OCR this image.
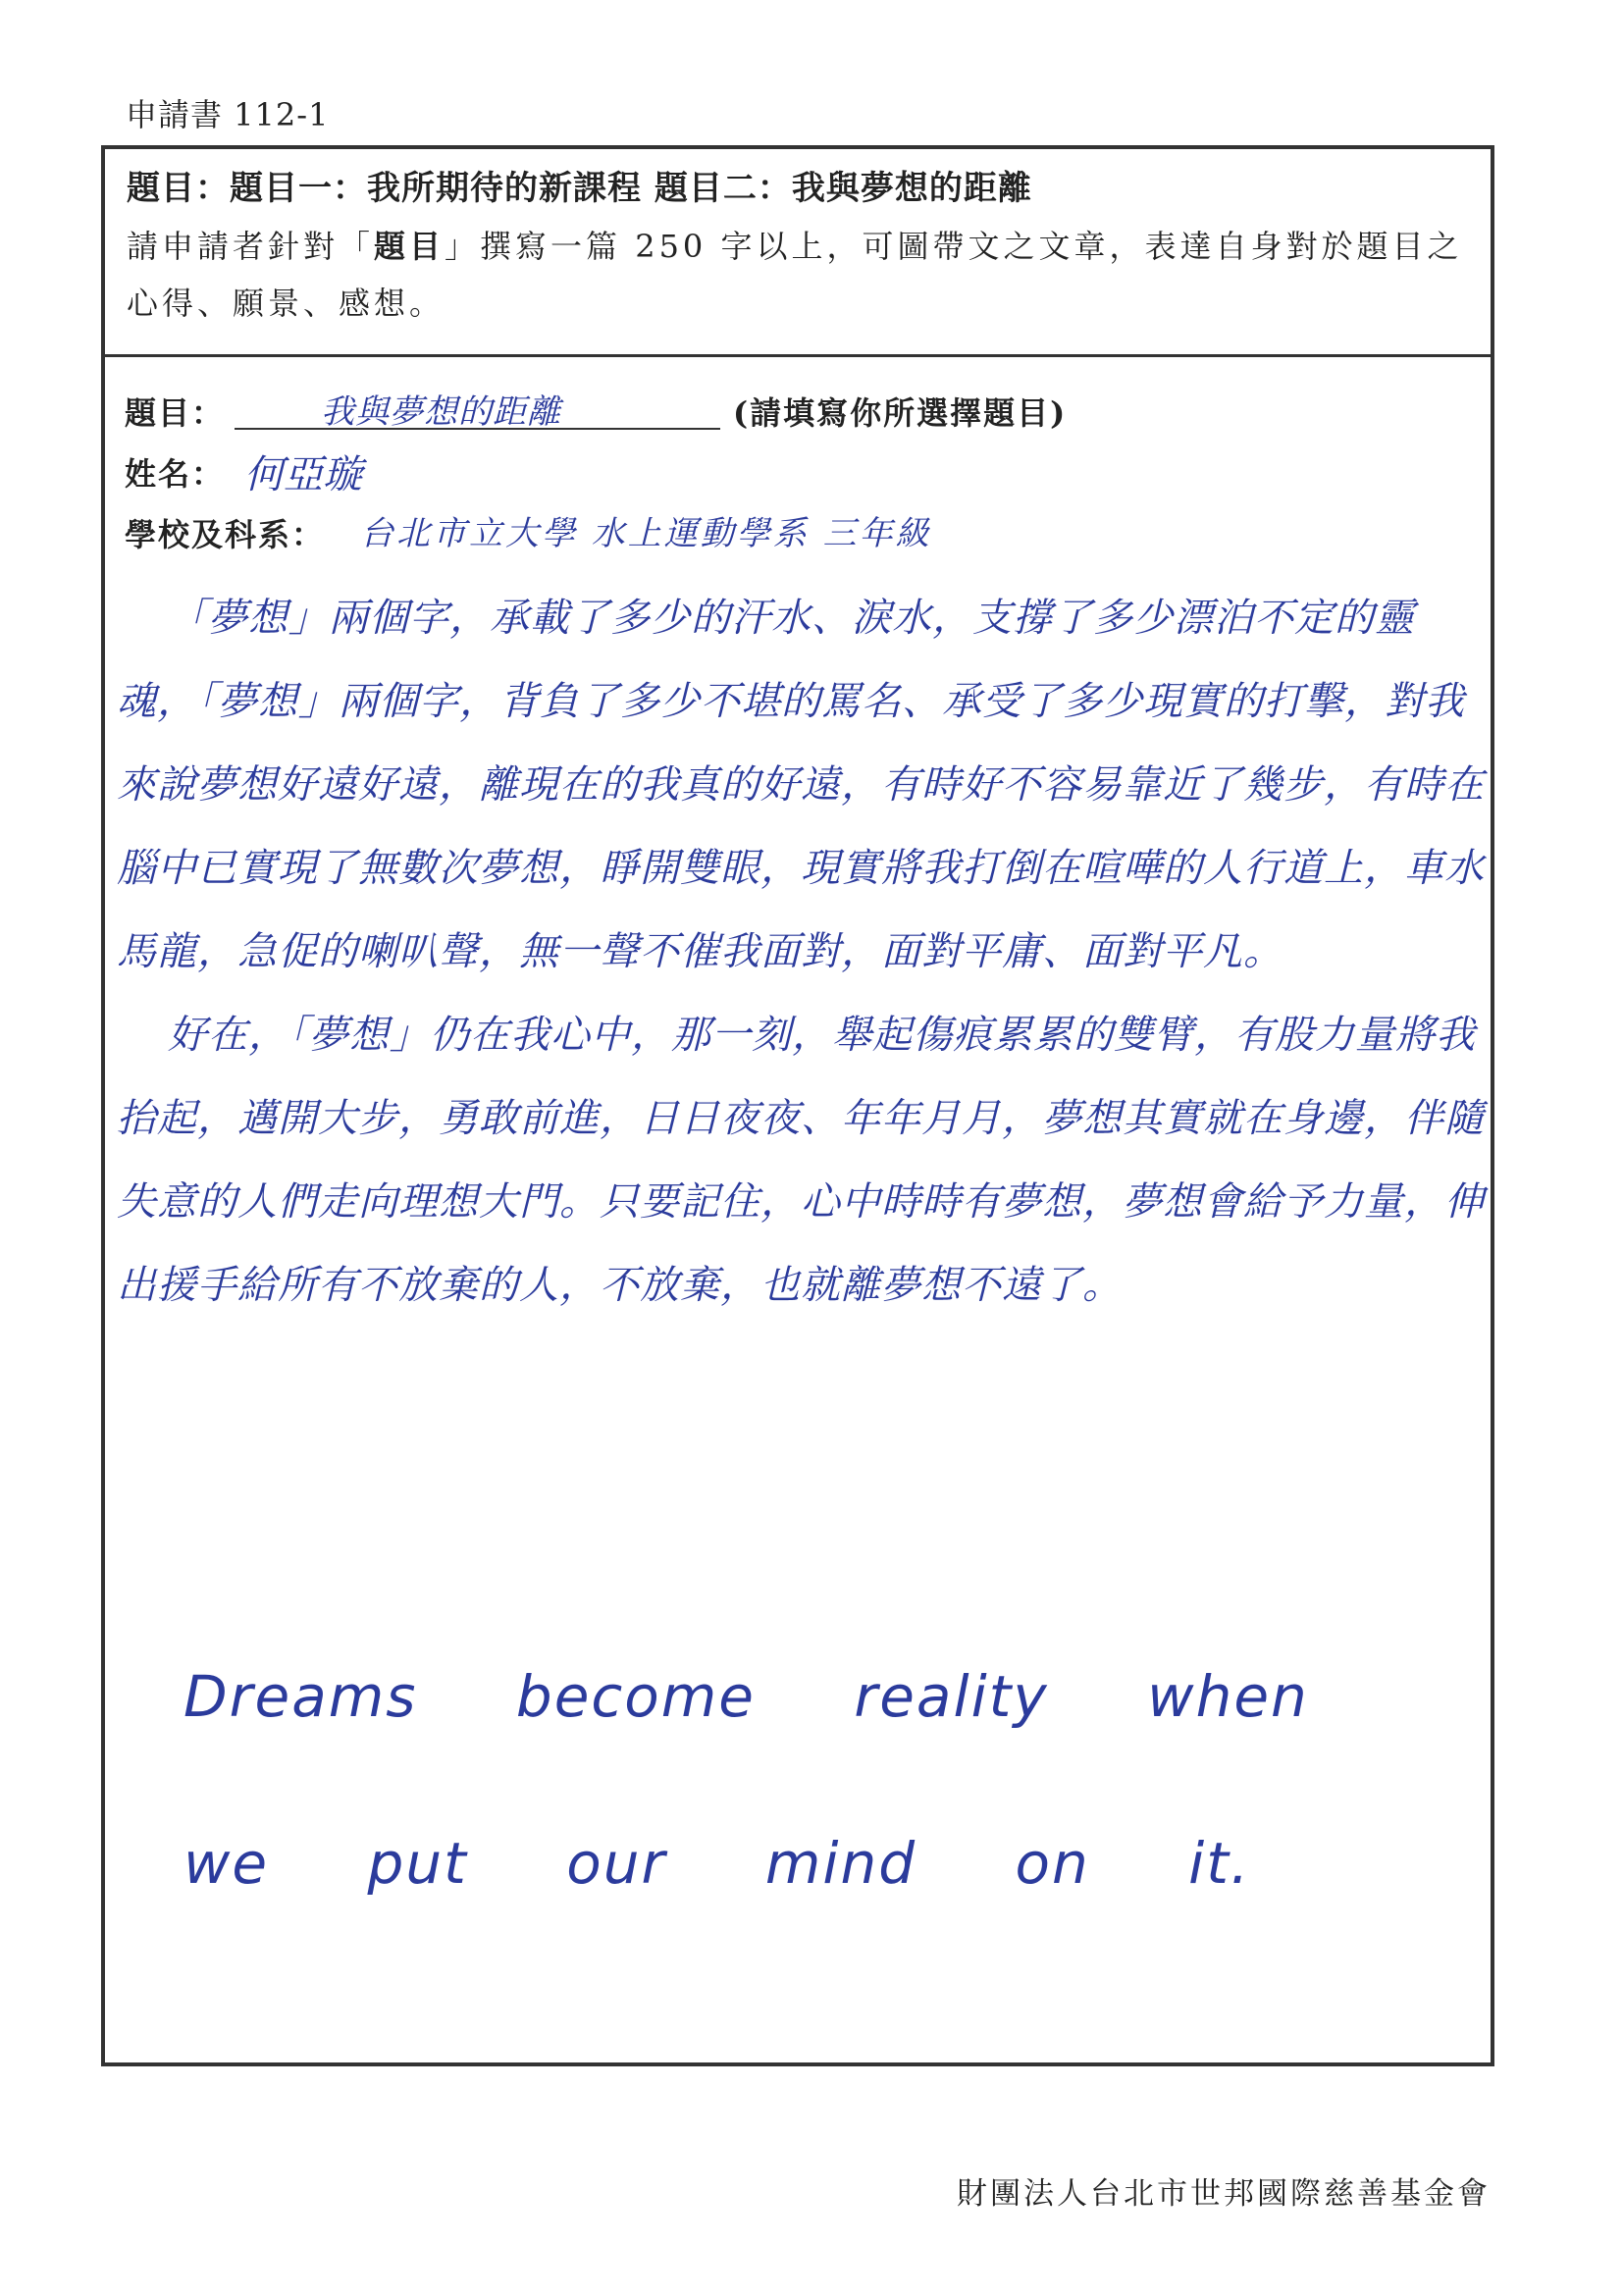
申請書 112-1
題目：題目一：我所期待的新課程 題目二：我與夢想的距離
請申請者針對「題目」撰寫一篇 250 字以上，可圖帶文之文章，表達自身對於題目之心得、願景、感想。
題目：	我與夢想的距離	(請填寫你所選擇題目)
姓名： 何亞璇
學校及科系： 台北市立大學 水上運動學系 三年級

「夢想」兩個字，承載了多少的汗水、淚水，支撐了多少漂泊不定的靈魂，「夢想」兩個字，背負了多少不堪的罵名、承受了多少現實的打擊，對我來說夢想好遠好遠，離現在的我真的好遠，有時好不容易靠近了幾步，有時在腦中已實現了無數次夢想，睜開雙眼，現實將我打倒在喧嘩的人行道上，車水馬龍，急促的喇叭聲，無一聲不催我面對，面對平庸、面對平凡。

好在，「夢想」仍在我心中，那一刻，舉起傷痕累累的雙臂，有股力量將我抬起，邁開大步，勇敢前進，日日夜夜、年年月月，夢想其實就在身邊，伴隨失意的人們走向理想大門。只要記住，心中時時有夢想，夢想會給予力量，伸出援手給所有不放棄的人，不放棄，也就離夢想不遠了。

Dreams become reality when we put our mind on it.
財團法人台北市世邦國際慈善基金會
